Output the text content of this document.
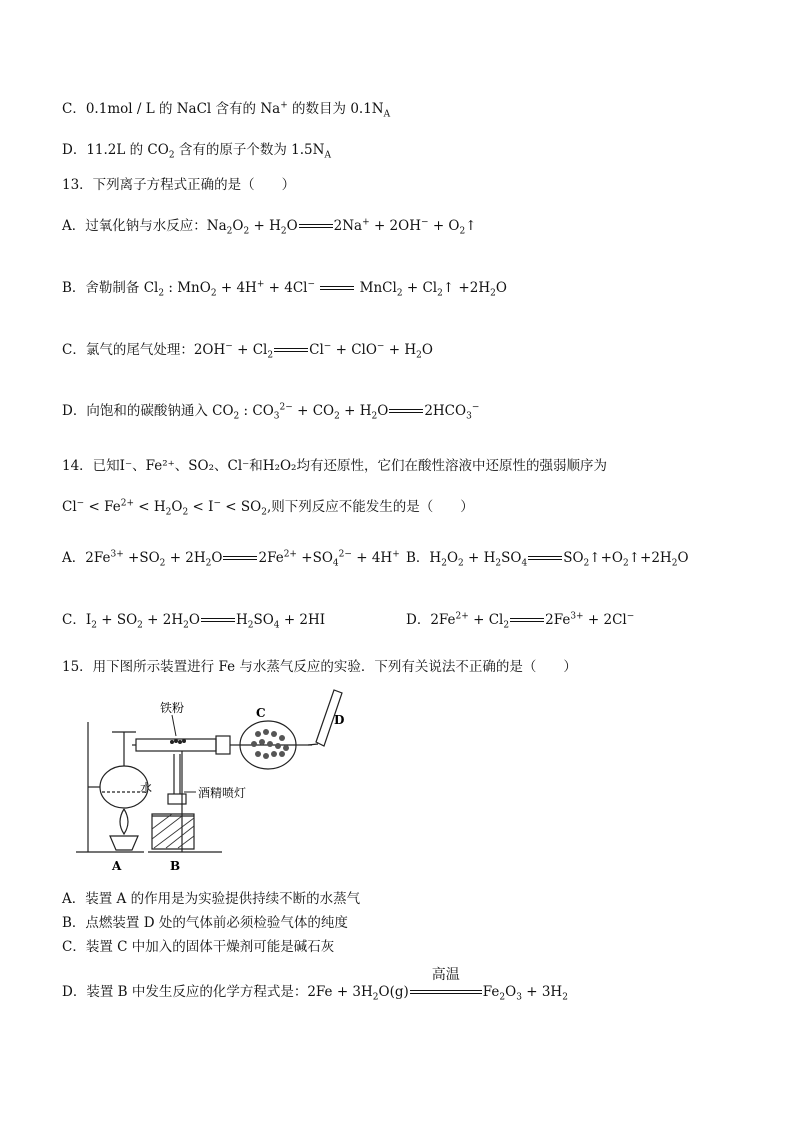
C．0.1mol / L 的 NaCl 含有的 Na+ 的数目为 $0.1N_A$
D．11.2L 的 $CO_2$ 含有的原子个数为 $1.5N_A$
13．下列离子方程式正确的是（　　）
A．过氧化钠与水反应：$Na_2O_2 + H_2O$	$2Na^+ + 2OH^- + O_2↑$
B．舍勒制备 $Cl_2$ : MnO$_2$ + 4H+ + 4Cl−	MnCl$_2$ + $Cl_2↑ +2H_2O$
C．氯气的尾气处理：$2OH^- + Cl_2$	$Cl^- + ClO^- + H_2O$
D．向饱和的碳酸钠通入 $CO_2$ : $CO_3^{2-} + CO_2 + H_2O$	$2HCO_3^-$
14．已知I⁻、Fe²⁺、SO₂、Cl⁻和H₂O₂均有还原性，它们在酸性溶液中还原性的强弱顺序为
$Cl^- < Fe^{2+} < H_2O_2 < I^- < SO_2$,则下列反应不能发生的是（　　）
A．$2Fe^{3+} +SO_2 + 2H_2O$	$2Fe^{2+} +SO_4^{2-} + 4H^+$ B．$H_2O_2 + H_2SO_4$	$SO_2↑+O_2↑+2H_2O$
C．$I_2 + SO_2 + 2H_2O$	$H_2SO_4 + 2HI$	D．$2Fe^{2+} + Cl_2$	$2Fe^{3+} + 2Cl^-$
15．用下图所示装置进行 Fe 与水蒸气反应的实验．下列有关说法不正确的是（　　）
铁粉
水	酒精喷灯
A	B
C	D
A．装置 A 的作用是为实验提供持续不断的水蒸气
B．点燃装置 D 处的气体前必须检验气体的纯度
C．装置 C 中加入的固体干燥剂可能是碱石灰
D．装置 B 中发生反应的化学方程式是：$2Fe + 3H_2O(g)$
高温
$Fe_2O_3 + 3H_2$
